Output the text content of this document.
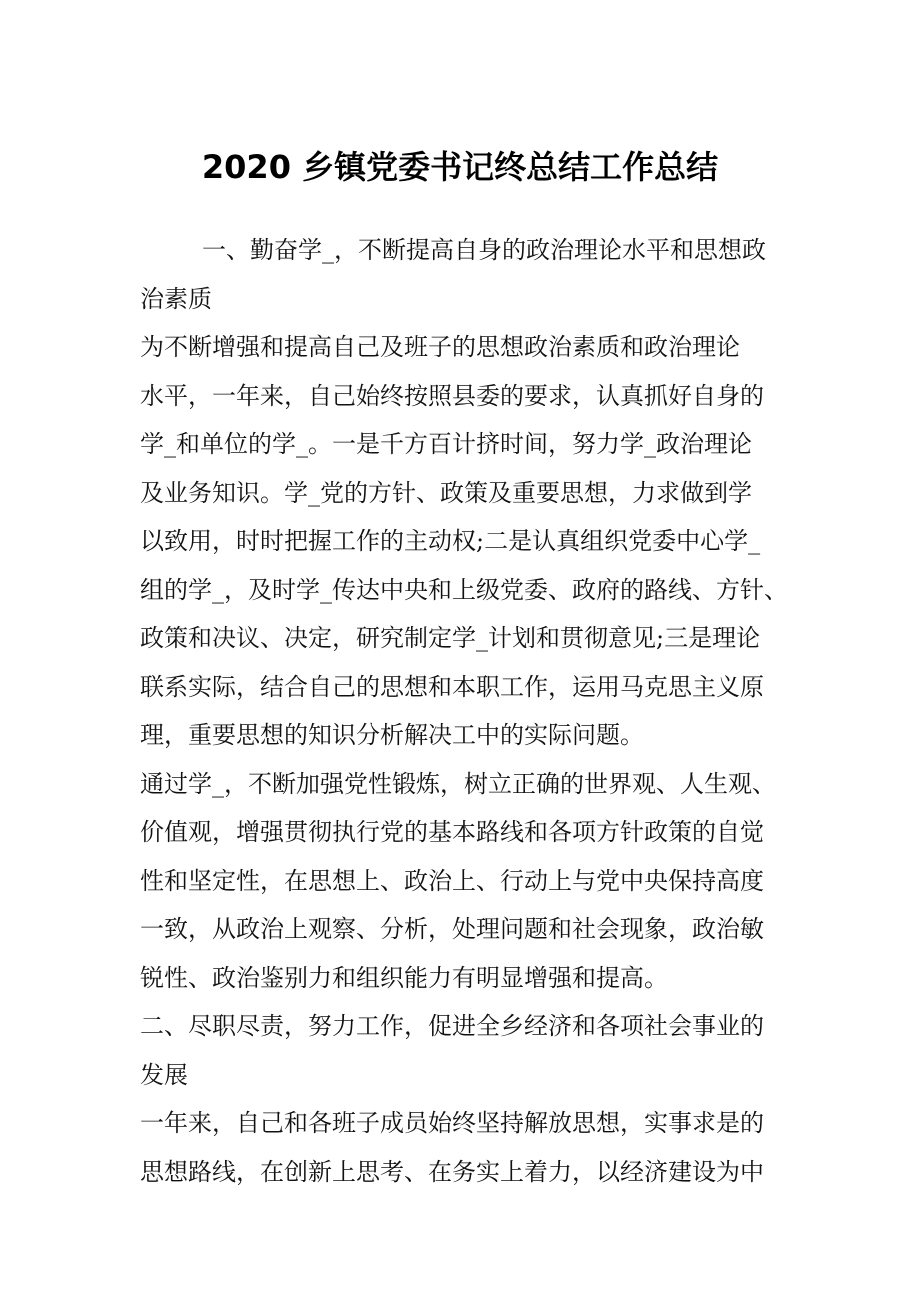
2020 乡镇党委书记终总结工作总结
一、勤奋学_，不断提高自身的政治理论水平和思想政
治素质
为不断增强和提高自己及班子的思想政治素质和政治理论
水平，一年来，自己始终按照县委的要求，认真抓好自身的
学_和单位的学_。一是千方百计挤时间，努力学_政治理论
及业务知识。学_党的方针、政策及重要思想，力求做到学
以致用，时时把握工作的主动权;二是认真组织党委中心学_
组的学_，及时学_传达中央和上级党委、政府的路线、方针、
政策和决议、决定，研究制定学_计划和贯彻意见;三是理论
联系实际，结合自己的思想和本职工作，运用马克思主义原
理，重要思想的知识分析解决工中的实际问题。
通过学_，不断加强党性锻炼，树立正确的世界观、人生观、
价值观，增强贯彻执行党的基本路线和各项方针政策的自觉
性和坚定性，在思想上、政治上、行动上与党中央保持高度
一致，从政治上观察、分析，处理问题和社会现象，政治敏
锐性、政治鉴别力和组织能力有明显增强和提高。
二、尽职尽责，努力工作，促进全乡经济和各项社会事业的
发展
一年来，自己和各班子成员始终坚持解放思想，实事求是的
思想路线，在创新上思考、在务实上着力，以经济建设为中
